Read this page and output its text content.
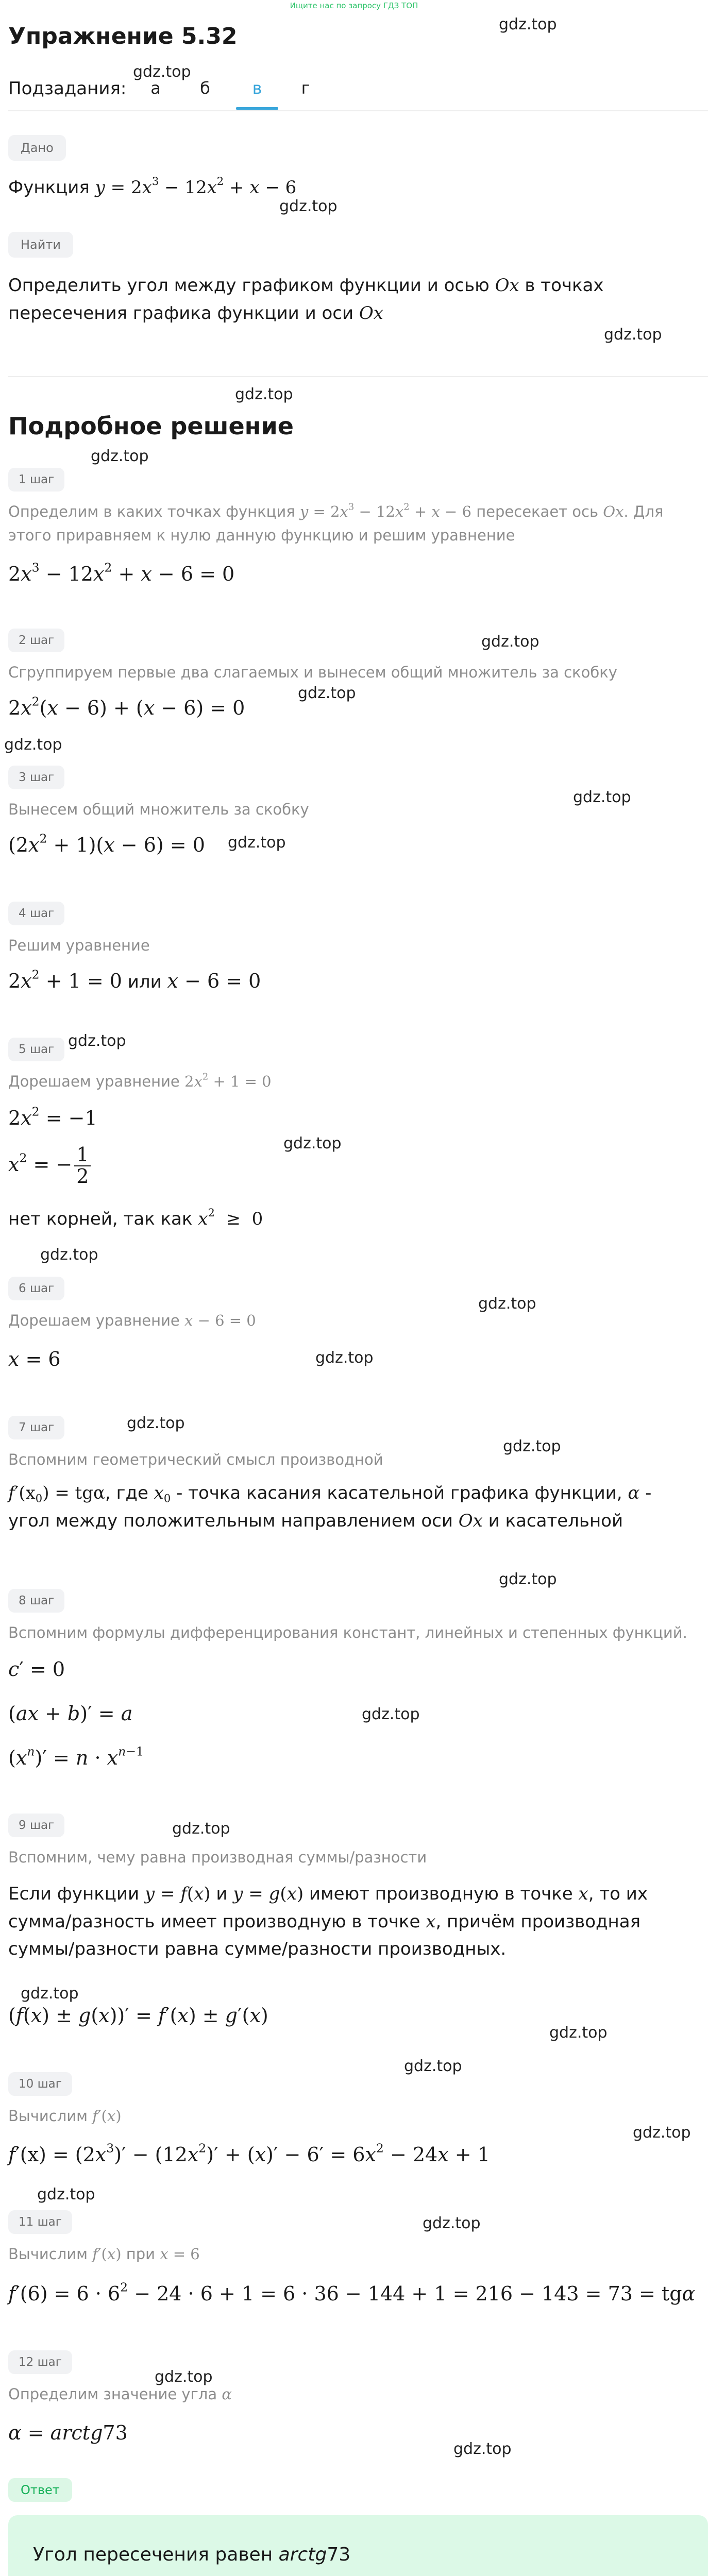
Ищите нас по запросу ГДЗ ТОП
Упражнение 5.32	gdz.top
gdz.top
gdz.top
gdz.top
gdz.top
gdz.top
gdz.top
gdz.top
gdz.top
gdz.top
gdz.top
gdz.top
gdz.top
gdz.top
gdz.top
gdz.top
gdz.top
gdz.top
gdz.top
gdz.top
gdz.top
gdz.top
gdz.top
gdz.top
gdz.top
gdz.top
gdz.top
gdz.top
gdz.top
Подзадания:	а	б	в	г
Дано
Функция $y = 2x^3 - 12x^2 + x - 6$
Найти
Определить угол между графиком функции и осью Ox в точках пересечения графика функции и оси Ox
Подробное решение
1 шаг
Определим в каких точках функция $y = 2x^3 - 12x^2 + x - 6$ пересекает ось Ox. Для этого приравняем к нулю данную функцию и решим уравнение
$2x^3 - 12x^2 + x - 6 = 0$
2 шаг
Сгруппируем первые два слагаемых и вынесем общий множитель за скобку
$2x^2(x - 6) + (x - 6) = 0$
3 шаг
Вынесем общий множитель за скобку
$(2x^2 + 1)(x - 6) = 0$
4 шаг
Решим уравнение
$2x^2 + 1 = 0$ или x − 6 = 0
5 шаг
Дорешаем уравнение $2x^2 + 1 = 0$
$2x^2 = -1$
$x^2$ = − $\frac{1}{2}$
нет корней, так как $x^2 \ge 0$
6 шаг
Дорешаем уравнение x − 6 = 0
x = 6
7 шаг
Вспомним геометрический смысл производной
$f'(x_0) = tg\alpha$, где $x_0$ - точка касания касательной графика функции, α - угол между положительным направлением оси Ox и касательной
8 шаг
Вспомним формулы дифференцирования констант, линейных и степенных функций.
c′ = 0
(ax + b)′ = a
$(x^n)' = n \cdot x^{n-1}$
9 шаг
Вспомним, чему равна производная суммы/разности
Если функции y = f(x) и y = g(x) имеют производную в точке x, то их сумма/разность имеет производную в точке x, причём производная суммы/разности равна сумме/разности производных.
(f(x) ± g(x))′ = f′(x) ± g′(x)
10 шаг
Вычислим f′(x)
$f'(x) = (2x^3)' - (12x^2)' + (x)' - 6' = 6x^2 - 24x + 1$
11 шаг
Вычислим f′(x) при x = 6
$f'(6) = 6 \cdot 6^2 - 24 \cdot 6 + 1 = 6 \cdot 36 - 144 + 1 = 216 - 143 = 73 = tg\alpha$
12 шаг
Определим значение угла α
α = arctg73
Ответ
Угол пересечения равен arctg73
